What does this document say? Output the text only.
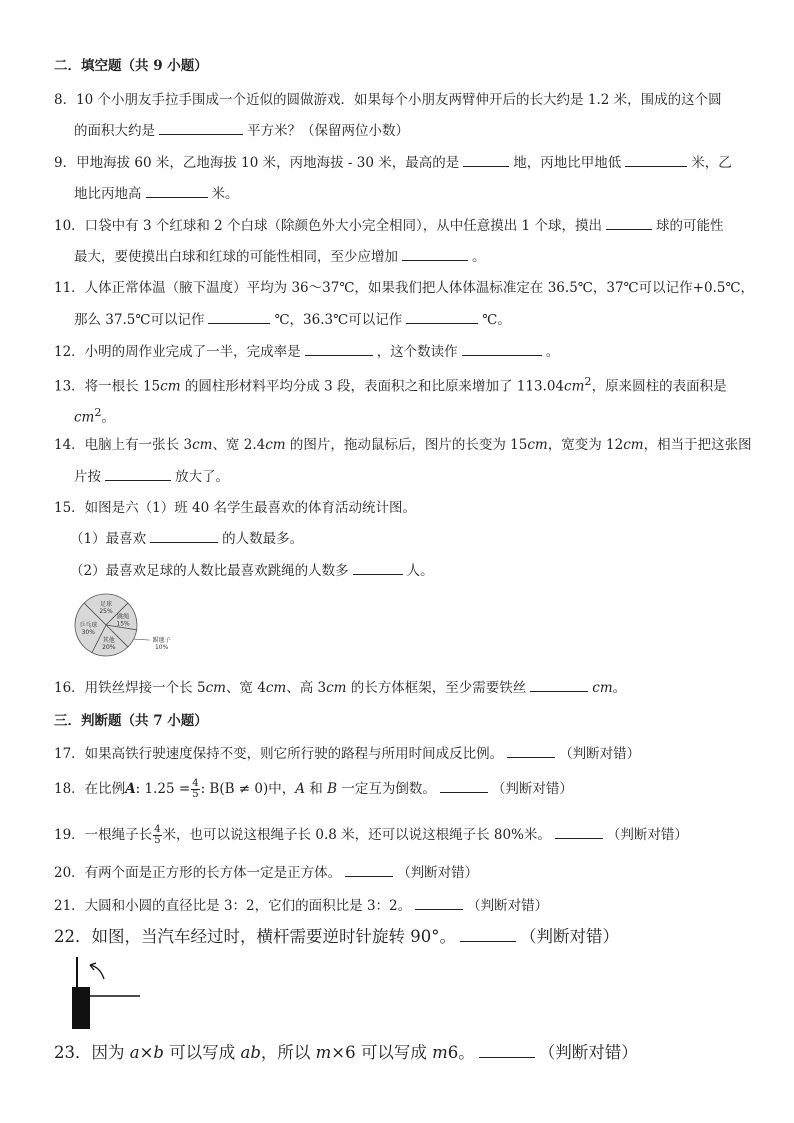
二．填空题（共 9 小题）
8．10 个小朋友手拉手围成一个近似的圆做游戏．如果每个小朋友两臂伸开后的长大约是 1.2 米，围成的这个圆
的面积大约是	平方米？（保留两位小数）
9．甲地海拔 60 米，乙地海拔 10 米，丙地海拔 - 30 米，最高的是	地，丙地比甲地低	米，乙
地比丙地高	米。
10．口袋中有 3 个红球和 2 个白球（除颜色外大小完全相同），从中任意摸出 1 个球，摸出	球的可能性
最大，要使摸出白球和红球的可能性相同，至少应增加	。
11．人体正常体温（腋下温度）平均为 36～37℃，如果我们把人体体温标准定在 36.5℃，37℃可以记作+0.5℃，
那么 37.5℃可以记作	℃，36.3℃可以记作	℃。
12．小明的周作业完成了一半，完成率是	，这个数读作	。
13．将一根长 15cm 的圆柱形材料平均分成 3 段，表面积之和比原来增加了 $113.04cm^2$，原来圆柱的表面积是
$cm^2$。
14．电脑上有一张长 3cm、宽 2.4cm 的图片，拖动鼠标后，图片的长变为 15cm，宽变为 12cm，相当于把这张图
片按	放大了。
15．如图是六（1）班 40 名学生最喜欢的体育活动统计图。
（1）最喜欢	的人数最多。
（2）最喜欢足球的人数比最喜欢跳绳的人数多	人。
足球
25%
跳绳
15%
踢毽子
10%
其他
20%
乒乓球
30%
16．用铁丝焊接一个长 5cm、宽 4cm、高 3cm 的长方体框架，至少需要铁丝	cm。
三．判断题（共 7 小题）
17．如果高铁行驶速度保持不变，则它所行驶的路程与所用时间成反比例。	（判断对错）
18．在比例A: $1.25 = \frac{4}{5}$ : B(B ≠ 0)中，A 和 B 一定互为倒数。	（判断对错）
19．一根绳子长 $\frac{4}{5}$ 米，也可以说这根绳子长 0.8 米，还可以说这根绳子长 80%米。	（判断对错）
20．有两个面是正方形的长方体一定是正方体。	（判断对错）
21．大圆和小圆的直径比是 3：2，它们的面积比是 3：2。	（判断对错）
22．如图，当汽车经过时，横杆需要逆时针旋转 90°。	（判断对错）
23．因为 a×b 可以写成 ab，所以 m×6 可以写成 m6。	（判断对错）
